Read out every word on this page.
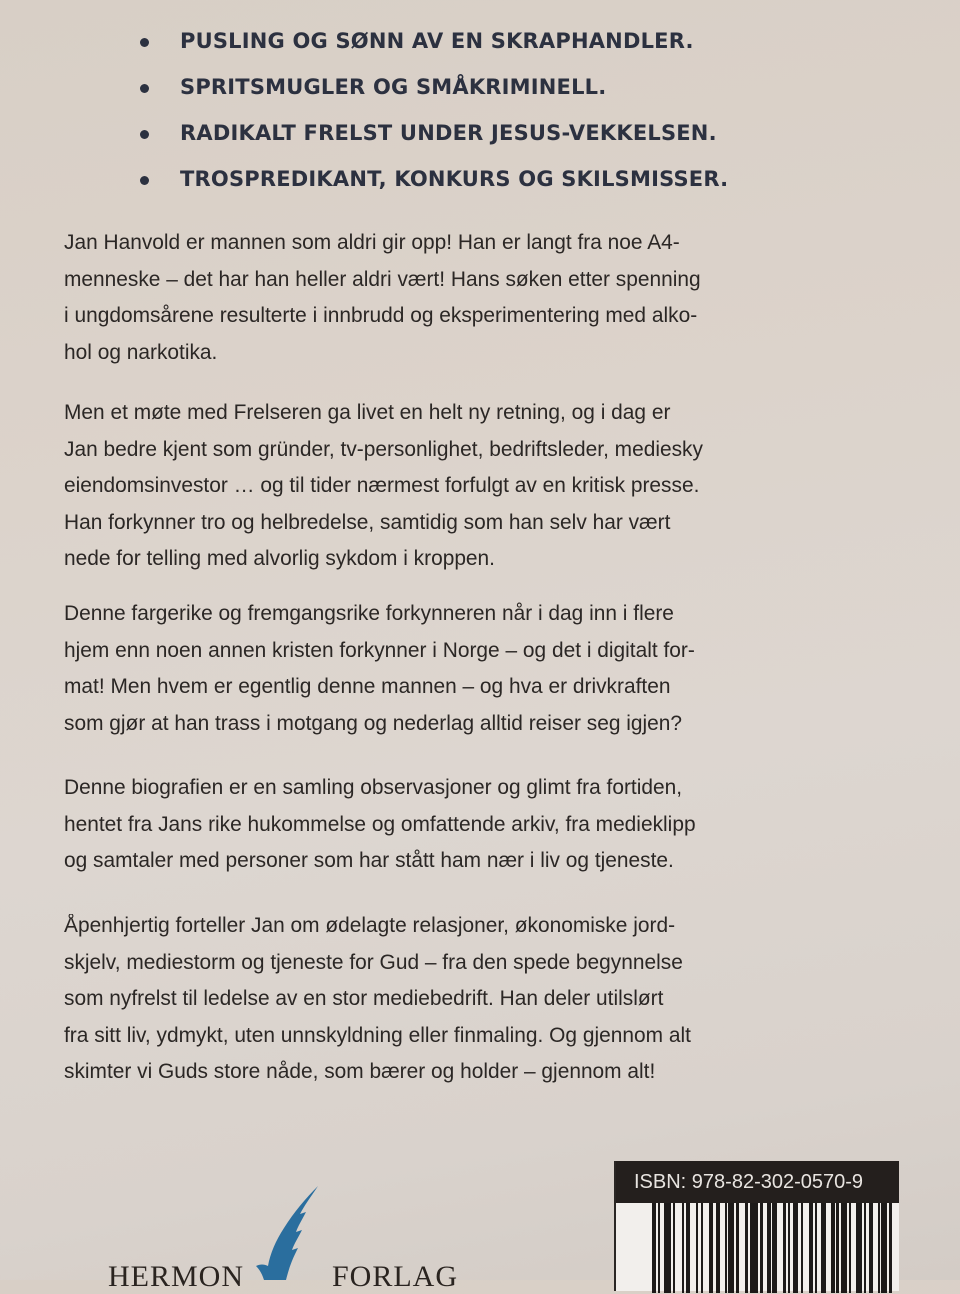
PUSLING OG SØNN AV EN SKRAPHANDLER.
SPRITSMUGLER OG SMÅKRIMINELL.
RADIKALT FRELST UNDER JESUS-VEKKELSEN.
TROSPREDIKANT, KONKURS OG SKILSMISSER.
Jan Hanvold er mannen som aldri gir opp! Han er langt fra noe A4-
menneske – det har han heller aldri vært! Hans søken etter spenning
i ungdomsårene resulterte i innbrudd og eksperimentering med alko-
hol og narkotika.
Men et møte med Frelseren ga livet en helt ny retning, og i dag er
Jan bedre kjent som gründer, tv-personlighet, bedriftsleder, mediesky
eiendomsinvestor … og til tider nærmest forfulgt av en kritisk presse.
Han forkynner tro og helbredelse, samtidig som han selv har vært
nede for telling med alvorlig sykdom i kroppen.
Denne fargerike og fremgangsrike forkynneren når i dag inn i flere
hjem enn noen annen kristen forkynner i Norge – og det i digitalt for-
mat! Men hvem er egentlig denne mannen – og hva er drivkraften
som gjør at han trass i motgang og nederlag alltid reiser seg igjen?
Denne biografien er en samling observasjoner og glimt fra fortiden,
hentet fra Jans rike hukommelse og omfattende arkiv, fra medieklipp
og samtaler med personer som har stått ham nær i liv og tjeneste.
Åpenhjertig forteller Jan om ødelagte relasjoner, økonomiske jord-
skjelv, mediestorm og tjeneste for Gud – fra den spede begynnelse
som nyfrelst til ledelse av en stor mediebedrift. Han deler utilslørt
fra sitt liv, ydmykt, uten unnskyldning eller finmaling. Og gjennom alt
skimter vi Guds store nåde, som bærer og holder – gjennom alt!
HERMON	FORLAG
ISBN: 978-82-302-0570-9
